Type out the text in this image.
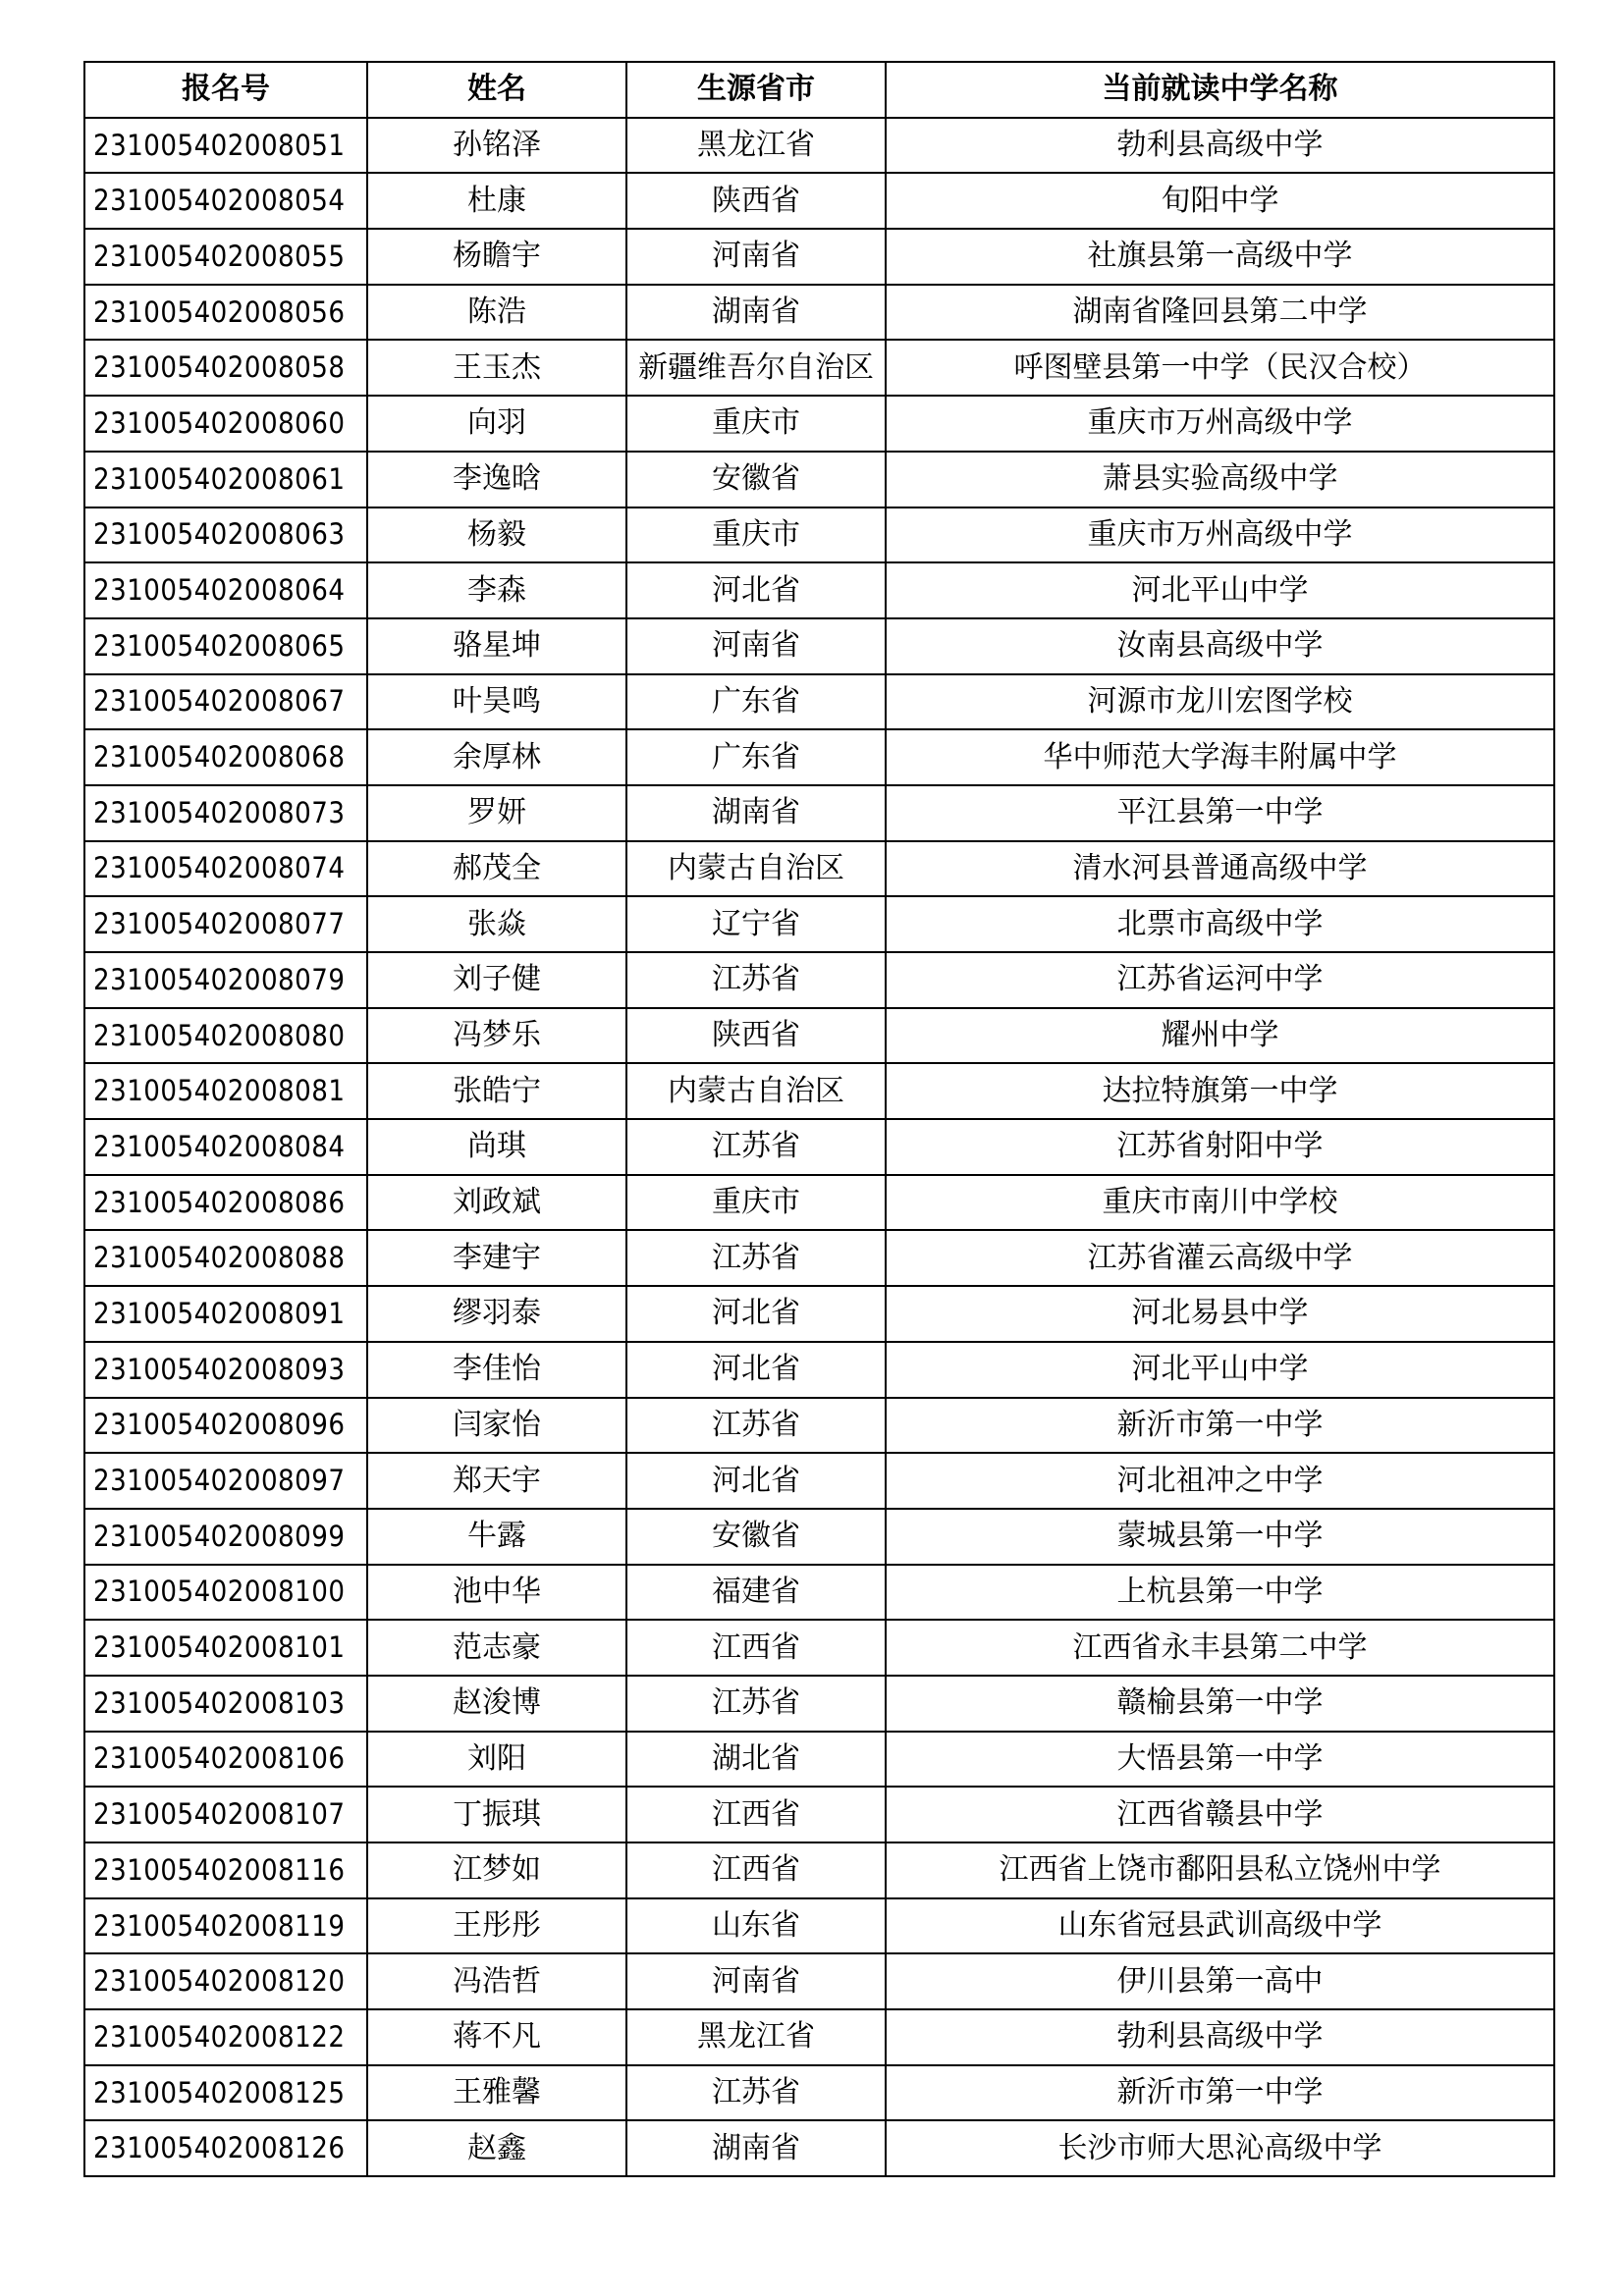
报名号	姓名	生源省市	当前就读中学名称
231005402008051	孙铭泽	黑龙江省	勃利县高级中学
231005402008054	杜康	陕西省	旬阳中学
231005402008055	杨瞻宇	河南省	社旗县第一高级中学
231005402008056	陈浩	湖南省	湖南省隆回县第二中学
231005402008058	王玉杰	新疆维吾尔自治区	呼图壁县第一中学（民汉合校）
231005402008060	向羽	重庆市	重庆市万州高级中学
231005402008061	李逸晗	安徽省	萧县实验高级中学
231005402008063	杨毅	重庆市	重庆市万州高级中学
231005402008064	李森	河北省	河北平山中学
231005402008065	骆星坤	河南省	汝南县高级中学
231005402008067	叶昊鸣	广东省	河源市龙川宏图学校
231005402008068	余厚林	广东省	华中师范大学海丰附属中学
231005402008073	罗妍	湖南省	平江县第一中学
231005402008074	郝茂全	内蒙古自治区	清水河县普通高级中学
231005402008077	张焱	辽宁省	北票市高级中学
231005402008079	刘子健	江苏省	江苏省运河中学
231005402008080	冯梦乐	陕西省	耀州中学
231005402008081	张皓宁	内蒙古自治区	达拉特旗第一中学
231005402008084	尚琪	江苏省	江苏省射阳中学
231005402008086	刘政斌	重庆市	重庆市南川中学校
231005402008088	李建宇	江苏省	江苏省灌云高级中学
231005402008091	缪羽泰	河北省	河北易县中学
231005402008093	李佳怡	河北省	河北平山中学
231005402008096	闫家怡	江苏省	新沂市第一中学
231005402008097	郑天宇	河北省	河北祖冲之中学
231005402008099	牛露	安徽省	蒙城县第一中学
231005402008100	池中华	福建省	上杭县第一中学
231005402008101	范志豪	江西省	江西省永丰县第二中学
231005402008103	赵浚博	江苏省	赣榆县第一中学
231005402008106	刘阳	湖北省	大悟县第一中学
231005402008107	丁振琪	江西省	江西省赣县中学
231005402008116	江梦如	江西省	江西省上饶市鄱阳县私立饶州中学
231005402008119	王彤彤	山东省	山东省冠县武训高级中学
231005402008120	冯浩哲	河南省	伊川县第一高中
231005402008122	蒋不凡	黑龙江省	勃利县高级中学
231005402008125	王雅馨	江苏省	新沂市第一中学
231005402008126	赵鑫	湖南省	长沙市师大思沁高级中学
